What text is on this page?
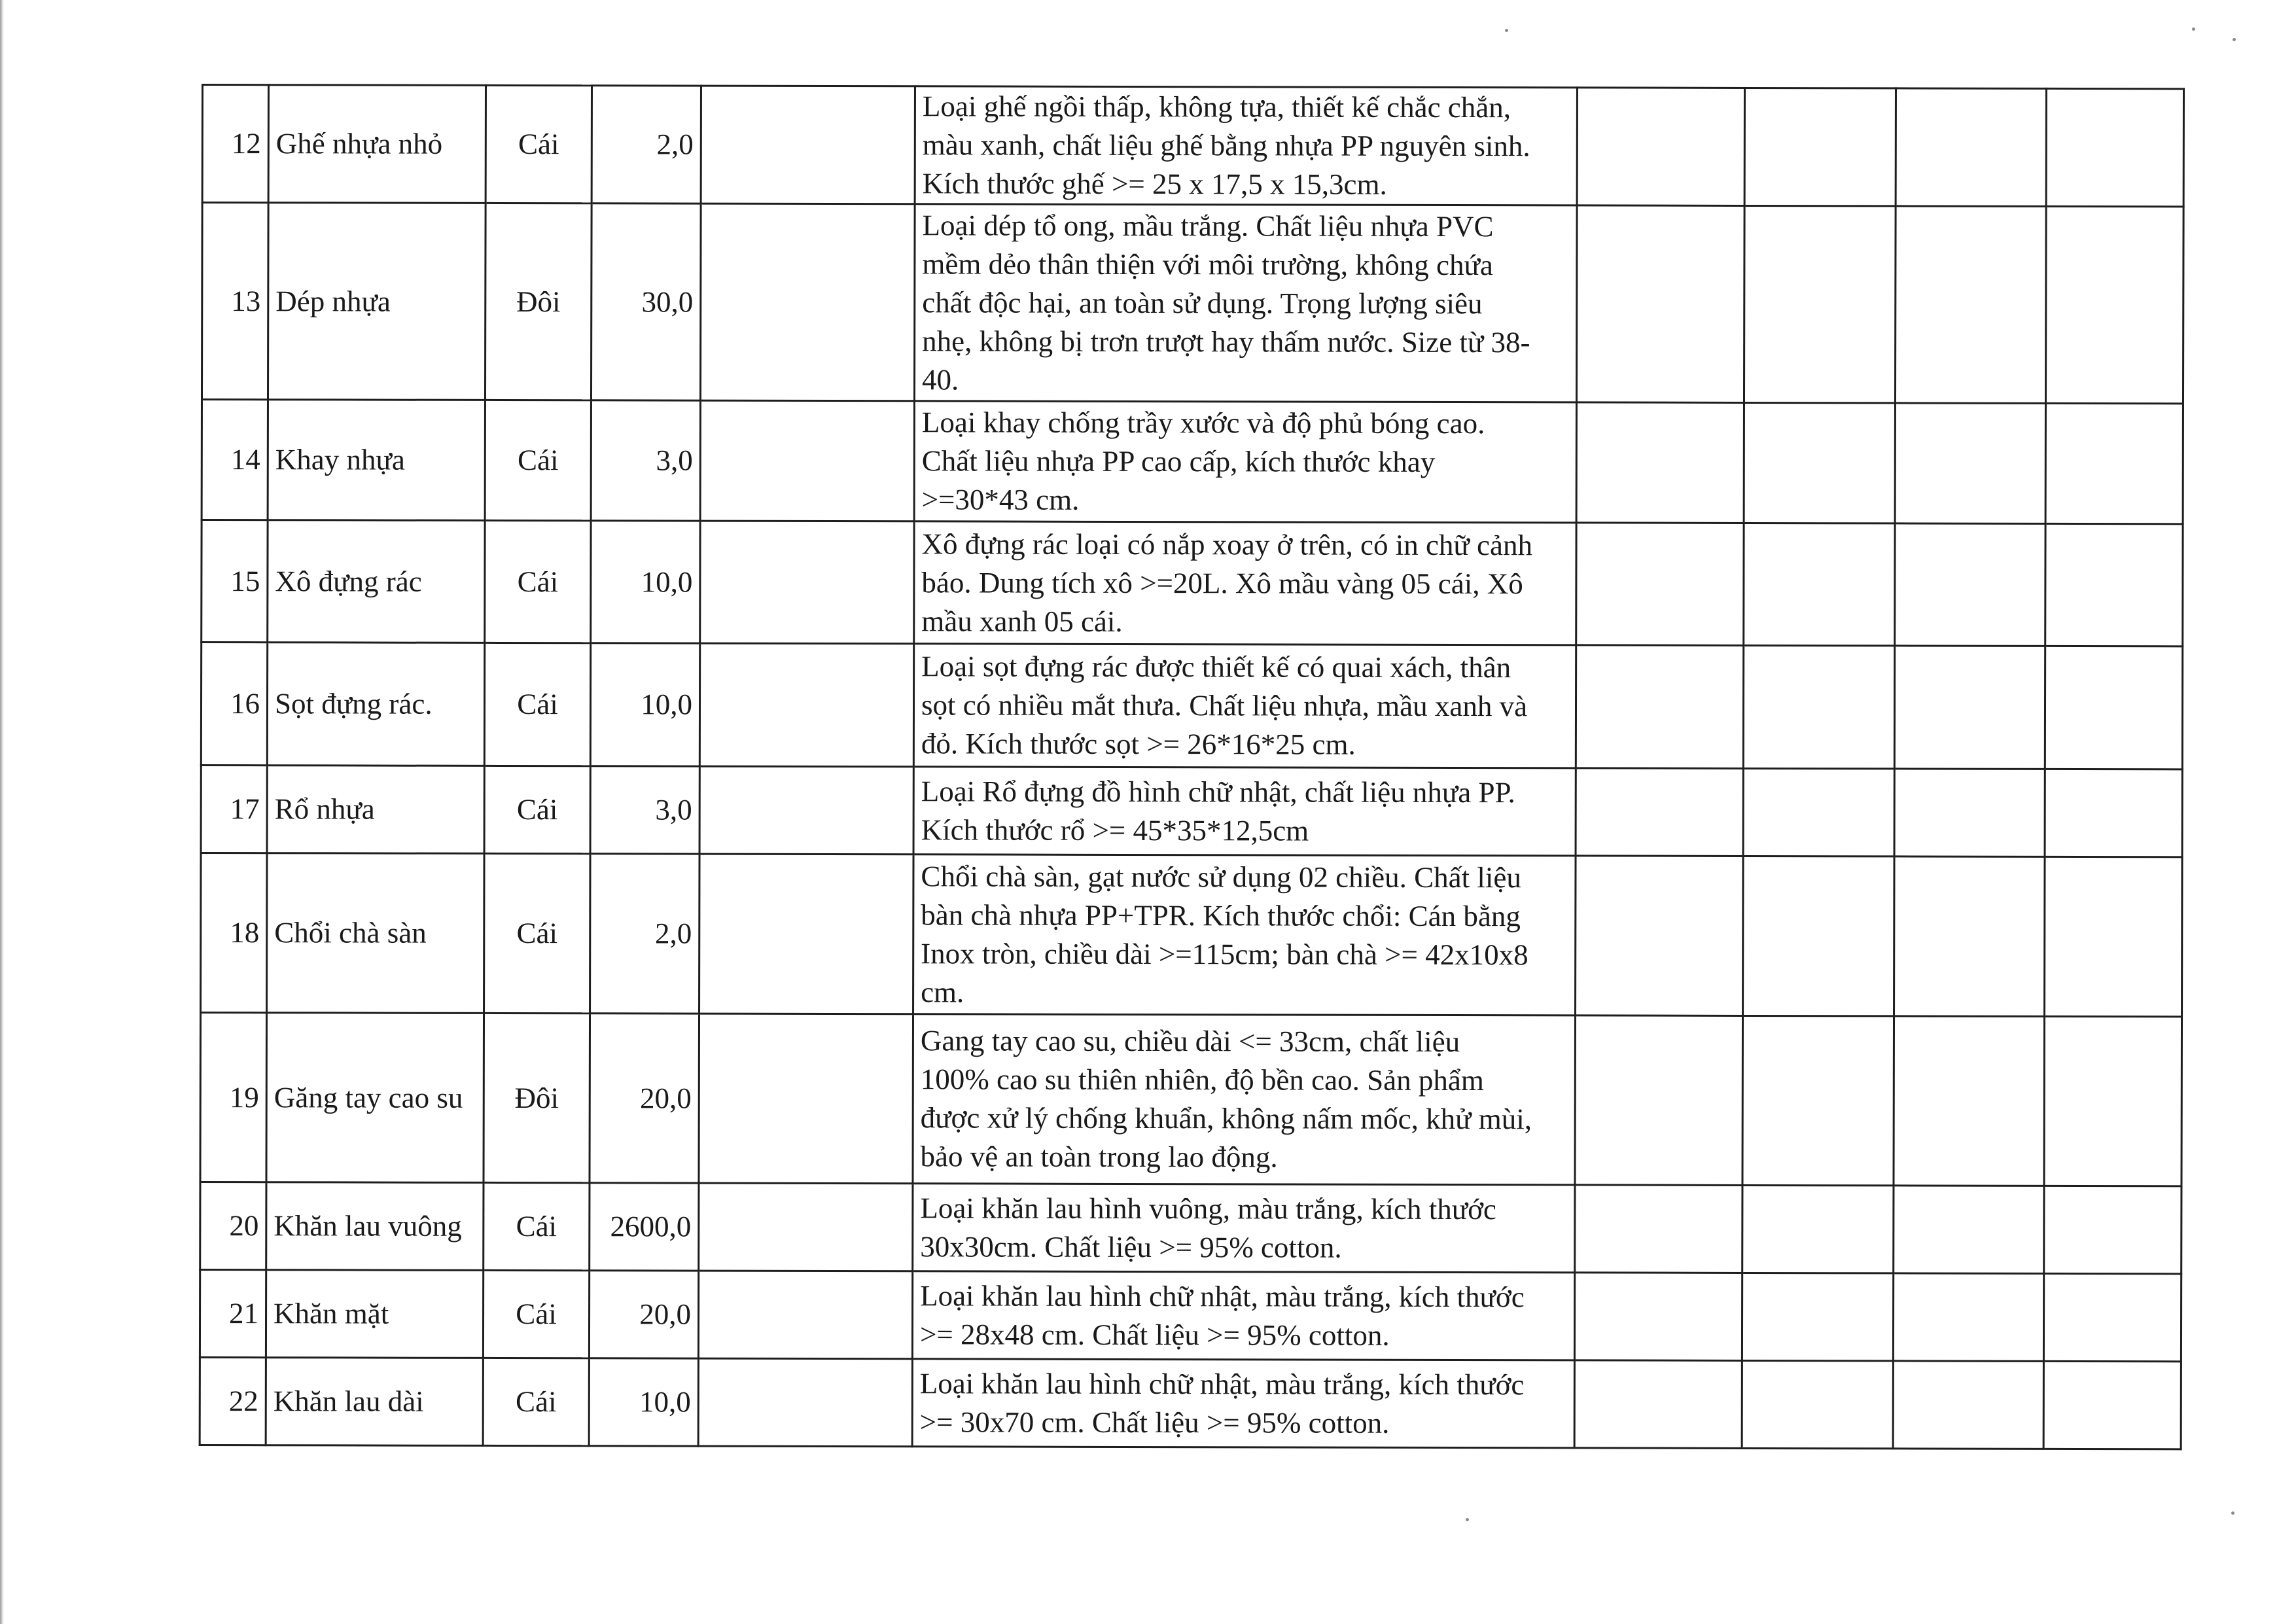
12	Ghế nhựa nhỏ	Cái	2,0		Loại ghế ngồi thấp, không tựa, thiết kế chắc chắn,
màu xanh, chất liệu ghế bằng nhựa PP nguyên sinh.
Kích thước ghế >= 25 x 17,5 x 15,3cm.				

13	Dép nhựa	Đôi	30,0		Loại dép tổ ong, mầu trắng. Chất liệu nhựa PVC
mềm dẻo thân thiện với môi trường, không chứa
chất độc hại, an toàn sử dụng. Trọng lượng siêu
nhẹ, không bị trơn trượt hay thấm nước. Size từ 38-
40.				

14	Khay nhựa	Cái	3,0		Loại khay chống trầy xước và độ phủ bóng cao.
Chất liệu nhựa PP cao cấp, kích thước khay
>=30*43 cm.				

15	Xô đựng rác	Cái	10,0		Xô đựng rác loại có nắp xoay ở trên, có in chữ cảnh
báo. Dung tích xô >=20L. Xô mầu vàng 05 cái, Xô
mầu xanh 05 cái.				

16	Sọt đựng rác.	Cái	10,0		Loại sọt đựng rác được thiết kế có quai xách, thân
sọt có nhiều mắt thưa. Chất liệu nhựa, mầu xanh và
đỏ. Kích thước sọt >= 26*16*25 cm.				

17	Rổ nhựa	Cái	3,0		Loại Rổ đựng đồ hình chữ nhật, chất liệu nhựa PP.
Kích thước rổ >= 45*35*12,5cm				

18	Chổi chà sàn	Cái	2,0		Chổi chà sàn, gạt nước sử dụng 02 chiều. Chất liệu
bàn chà nhựa PP+TPR. Kích thước chổi: Cán bằng
Inox tròn, chiều dài >=115cm; bàn chà >= 42x10x8
cm.				

19	Găng tay cao su	Đôi	20,0		Gang tay cao su, chiều dài <= 33cm, chất liệu
100% cao su thiên nhiên, độ bền cao. Sản phẩm
được xử lý chống khuẩn, không nấm mốc, khử mùi,
bảo vệ an toàn trong lao động.				

20	Khăn lau vuông	Cái	2600,0		Loại khăn lau hình vuông, màu trắng, kích thước
30x30cm. Chất liệu >= 95% cotton.				

21	Khăn mặt	Cái	20,0		Loại khăn lau hình chữ nhật, màu trắng, kích thước
>= 28x48 cm. Chất liệu >= 95% cotton.				

22	Khăn lau dài	Cái	10,0		Loại khăn lau hình chữ nhật, màu trắng, kích thước
>= 30x70 cm. Chất liệu >= 95% cotton.				
